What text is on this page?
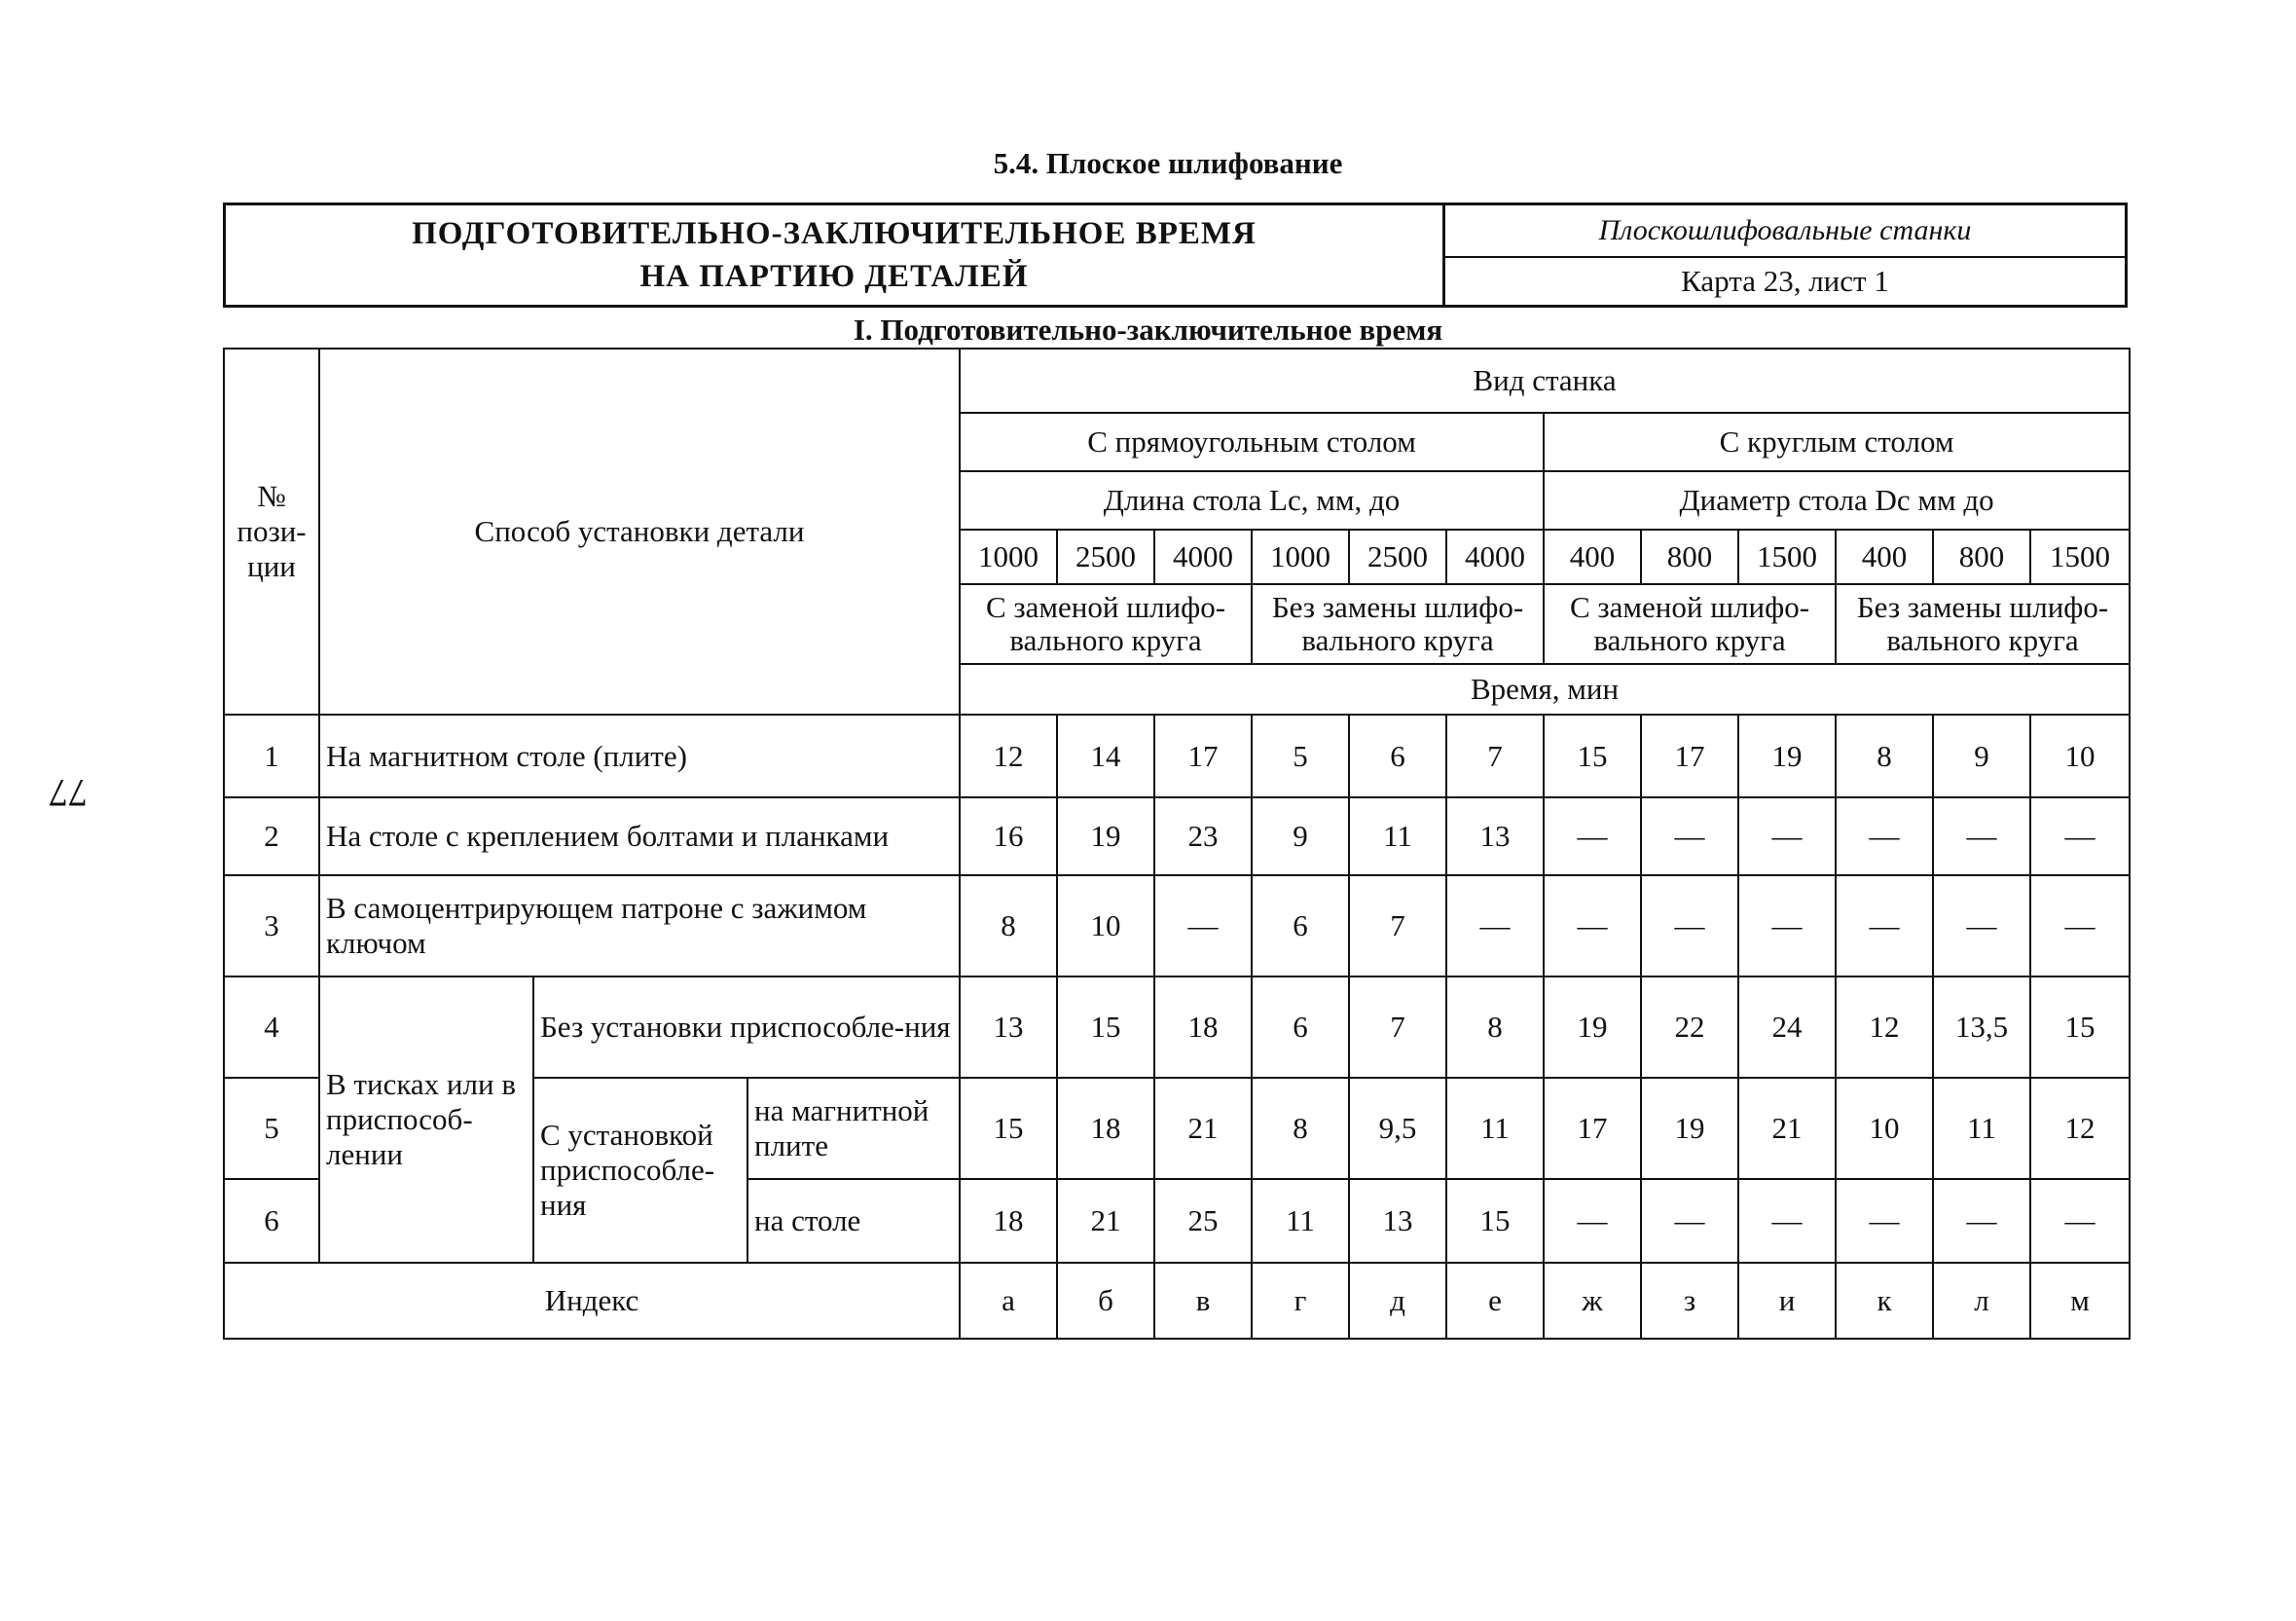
77
5.4. Плоское шлифование
ПОДГОТОВИТЕЛЬНО-ЗАКЛЮЧИТЕЛЬНОЕ ВРЕМЯ
НА ПАРТИЮ ДЕТАЛЕЙ
Плоскошлифовальные станки
Карта 23, лист 1
I. Подготовительно-заключительное время
№ пози-ции	Способ установки детали			Вид станка											
				С прямоугольным столом						С круглым столом					
				Длина стола Lc, мм, до						Диаметр стола Dc мм до					
				1000	2500	4000	1000	2500	4000	400	800	1500	400	800	1500
				С заменой шлифо-вального круга			Без замены шлифо-вального круга			С заменой шлифо-вального круга			Без замены шлифо-вального круга		
				Время, мин											
1	На магнитном столе (плите)			12	14	17	5	6	7	15	17	19	8	9	10
2	На столе с креплением болтами и планками			16	19	23	9	11	13	—	—	—	—	—	—
3	В самоцентрирующем патроне с зажимом ключом			8	10	—	6	7	—	—	—	—	—	—	—
4	В тисках или в приспособ-лении	Без установки приспособле-ния		13	15	18	6	7	8	19	22	24	12	13,5	15
5		С установкой приспособле-ния	на магнитной плите	15	18	21	8	9,5	11	17	19	21	10	11	12
6			на столе	18	21	25	11	13	15	—	—	—	—	—	—
Индекс				а	б	в	г	д	е	ж	з	и	к	л	м
